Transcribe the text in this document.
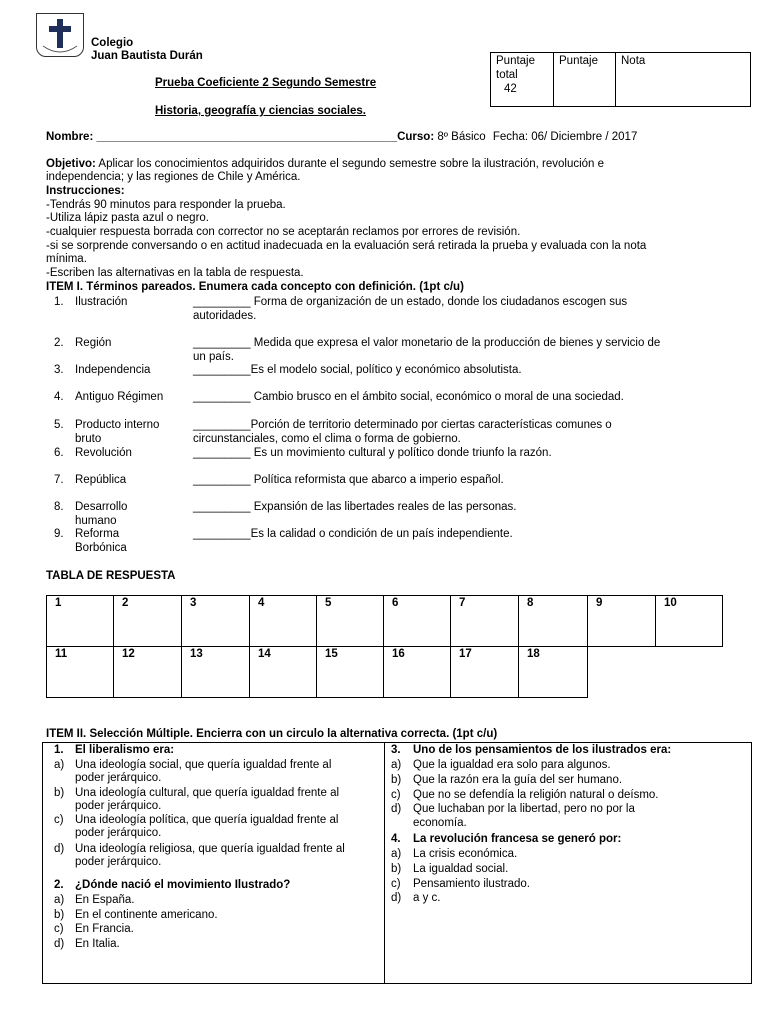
Colegio
Juan Bautista Durán	Puntaje
total
42
Puntaje	Nota
Prueba Coeficiente 2 Segundo Semestre
Historia, geografía y ciencias sociales.
Nombre: _______________________________________________Curso: 8º Básico Fecha: 06/ Diciembre / 2017
Objetivo: Aplicar los conocimientos adquiridos durante el segundo semestre sobre la ilustración, revolución e
independencia; y las regiones de Chile y América.
Instrucciones:
-Tendrás 90 minutos para responder la prueba.
-Utiliza lápiz pasta azul o negro.
-cualquier respuesta borrada con corrector no se aceptarán reclamos por errores de revisión.
-si se sorprende conversando o en actitud inadecuada en la evaluación será retirada la prueba y evaluada con la nota
mínima.
-Escriben las alternativas en la tabla de respuesta.
ITEM I. Términos pareados. Enumera cada concepto con definición. (1pt c/u)
1. Ilustración	_________ Forma de organización de un estado, donde los ciudadanos escogen sus
autoridades.
2. Región	_________ Medida que expresa el valor monetario de la producción de bienes y servicio de
un país.
3. Independencia	_________Es el modelo social, político y económico absolutista.
4. Antiguo Régimen	_________ Cambio brusco en el ámbito social, económico o moral de una sociedad.
5. Producto interno
bruto
_________Porción de territorio determinado por ciertas características comunes o
circunstanciales, como el clima o forma de gobierno.
6. Revolución	_________ Es un movimiento cultural y político donde triunfo la razón.
7. República	_________ Política reformista que abarco a imperio español.
8. Desarrollo
humano
_________ Expansión de las libertades reales de las personas.
9. Reforma
Borbónica
_________Es la calidad o condición de un país independiente.
TABLA DE RESPUESTA
1	2	3	4	5	6	7	8	9	10
11	12	13	14	15	16	17	18
ITEM II. Selección Múltiple. Encierra con un circulo la alternativa correcta. (1pt c/u)
1. El liberalismo era:
a) Una ideología social, que quería igualdad frente al
poder jerárquico.
b) Una ideología cultural, que quería igualdad frente al
poder jerárquico.
c) Una ideología política, que quería igualdad frente al
poder jerárquico.
d) Una ideología religiosa, que quería igualdad frente al
poder jerárquico.
2. ¿Dónde nació el movimiento Ilustrado?
a) En España.
b) En el continente americano.
c) En Francia.
d) En Italia.
3. Uno de los pensamientos de los ilustrados era:
a) Que la igualdad era solo para algunos.
b) Que la razón era la guía del ser humano.
c) Que no se defendía la religión natural o deísmo.
d) Que luchaban por la libertad, pero no por la
economía.
4. La revolución francesa se generó por:
a) La crisis económica.
b) La igualdad social.
c) Pensamiento ilustrado.
d) a y c.
